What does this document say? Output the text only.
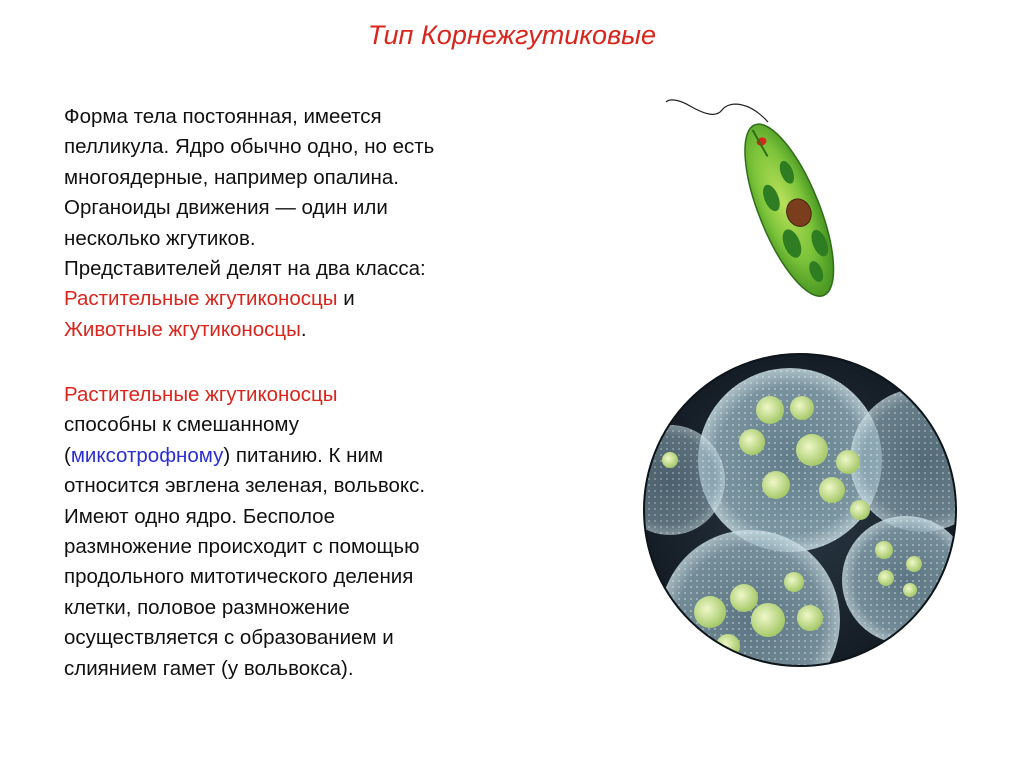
Тип Корнежгутиковые
Форма тела постоянная, имеется
пелликула. Ядро обычно одно, но есть
многоядерные, например опалина.
Органоиды движения — один или
несколько жгутиков.
Представителей делят на два класса:
Растительные жгутиконосцы и
Животные жгутиконосцы.
Растительные жгутиконосцы
способны к смешанному
(миксотрофному) питанию. К ним
относится эвглена зеленая, вольвокс.
Имеют одно ядро. Бесполое
размножение происходит с помощью
продольного митотического деления
клетки, половое размножение
осуществляется с образованием и
слиянием гамет (у вольвокса).
